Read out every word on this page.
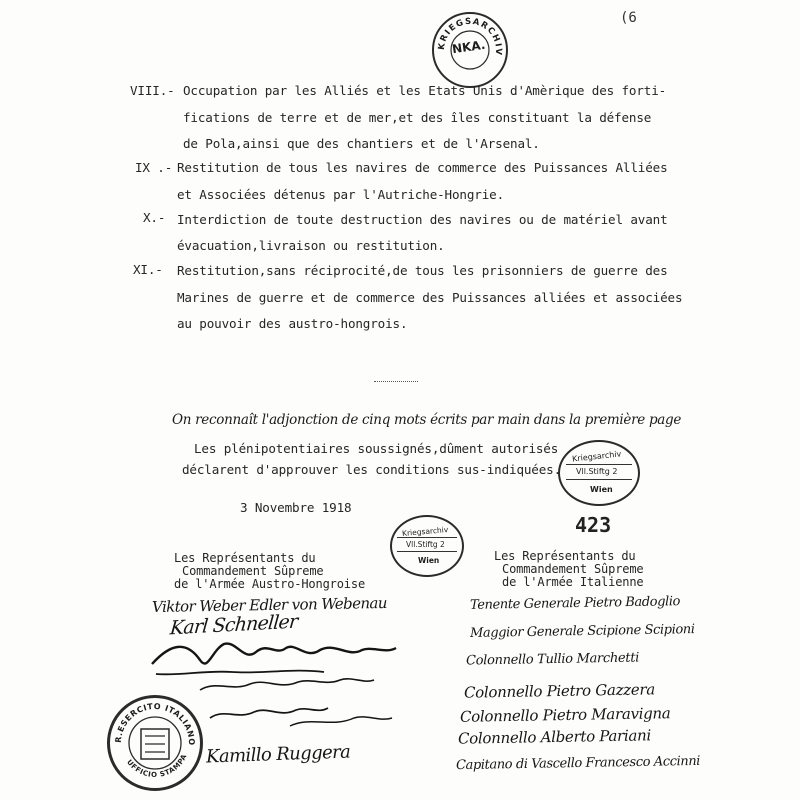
(6
KRIEGSARCHIV
NKA.
VIII.- Occupation par les Alliés et les Etats Unis d'Amèrique des forti-
fications de terre et de mer,et des îles constituant la défense
de Pola,ainsi que des chantiers et de l'Arsenal.
IX .- Restitution de tous les navires de commerce des Puissances Alliées
et Associées détenus par l'Autriche-Hongrie.
X.- Interdiction de toute destruction des navires ou de matériel avant
évacuation,livraison ou restitution.
XI.- Restitution,sans réciprocité,de tous les prisonniers de guerre des
Marines de guerre et de commerce des Puissances alliées et associées
au pouvoir des austro-hongrois.
On reconnaît l'adjonction de cinq mots écrits par main dans la première page
Les plénipotentiaires soussignés,dûment autorisés
déclarent d'approuver les conditions sus-indiquées.
3 Novembre 1918
Kriegsarchiv
Vll.Stiftg 2
Wien
423
Kriegsarchiv
Vll.Stiftg 2
Wien
Les Représentants du
Commandement Sûpreme
de l'Armée Austro-Hongroise
Les Représentants du
Commandement Sûpreme
de l'Armée Italienne
Viktor Weber Edler von Webenau
Karl Schneller
Kamillo Ruggera
R.ESERCITO ITALIANO
UFFICIO STAMPA
Tenente Generale Pietro Badoglio
Maggior Generale Scipione Scipioni
Colonnello Tullio Marchetti
Colonnello Pietro Gazzera
Colonnello Pietro Maravigna
Colonnello Alberto Pariani
Capitano di Vascello Francesco Accinni
